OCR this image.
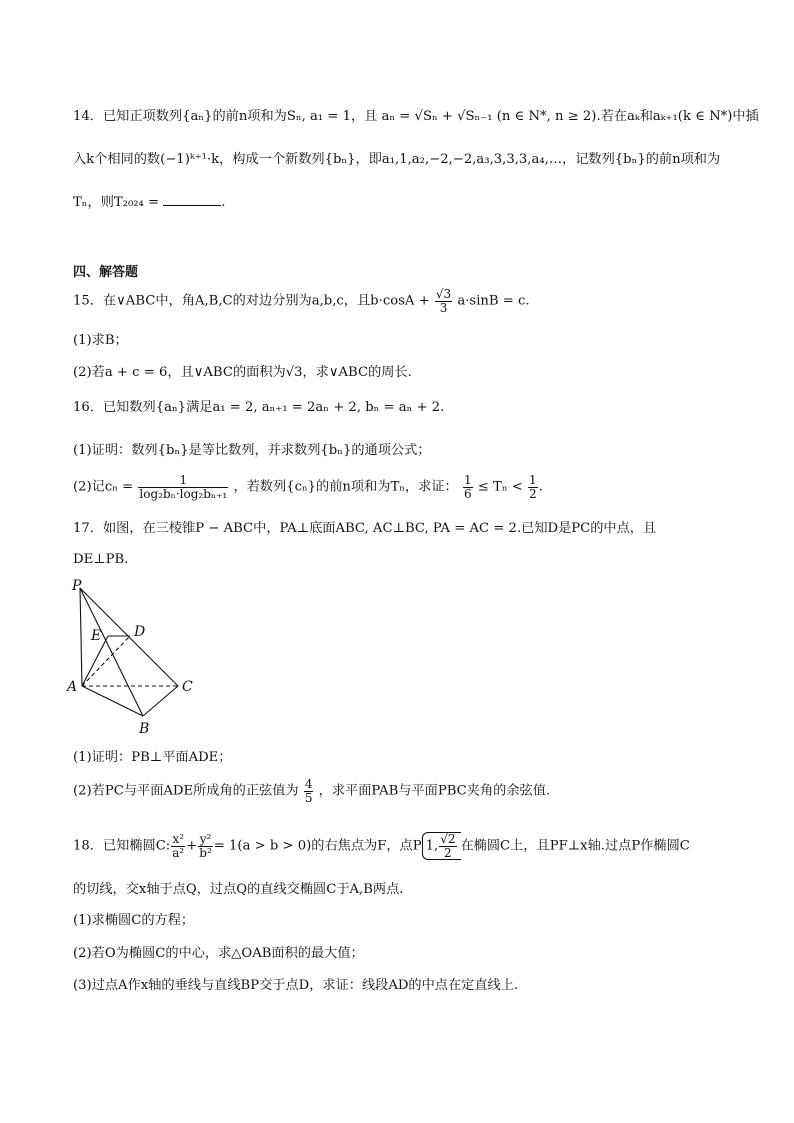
14．已知正项数列{aₙ}的前n项和为Sₙ, a₁ = 1，且 aₙ = √Sₙ + √Sₙ₋₁ (n ∈ N*, n ≥ 2).若在aₖ和aₖ₊₁(k ∈ N*)中插
入k个相同的数(−1)ᵏ⁺¹·k，构成一个新数列{bₙ}，即a₁,1,a₂,−2,−2,a₃,3,3,3,a₄,…，记数列{bₙ}的前n项和为
Tₙ，则T₂₀₂₄ =	.
四、解答题
15．在∨ABC中，角A,B,C的对边分别为a,b,c，且$b\cdot\cos A + \frac{√3}{3} a\cdot\sin B = c$.
(1)求B；
(2)若a + c = 6，且∨ABC的面积为√3，求∨ABC的周长.
16．已知数列{aₙ}满足a₁ = 2, aₙ₊₁ = 2aₙ + 2, bₙ = aₙ + 2.
(1)证明：数列{bₙ}是等比数列，并求数列{bₙ}的通项公式；
(2)记$c_n = \frac{1}{\text{log₂bₙ·log₂bₙ₊₁}}$ ，若数列{cₙ}的前n项和为Tₙ，求证： $\frac{1}{6} \le T_n < \frac{1}{2}$ .
17．如图，在三棱锥P − ABC中，PA⊥底面ABC, AC⊥BC, PA = AC = 2.已知D是PC的中点，且
DE⊥PB.
P
E D
A	C
B
(1)证明：PB⊥平面ADE；
(2)若PC与平面ADE所成角的正弦值为 $\frac{4}{5}$ ，求平面PAB与平面PBC夹角的余弦值.
18．已知椭圆C: $\frac{\text{x²}}{\text{a²}} + \frac{\text{y²}}{\text{b²}} = 1(a > b > 0)$的右焦点为F，点P 1, $\frac{√2}{2}$ 在椭圆C上，且PF⊥x轴.过点P作椭圆C
的切线，交x轴于点Q，过点Q的直线交椭圆C于A,B两点.
(1)求椭圆C的方程；
(2)若O为椭圆C的中心，求△OAB面积的最大值；
(3)过点A作x轴的垂线与直线BP交于点D，求证：线段AD的中点在定直线上.
